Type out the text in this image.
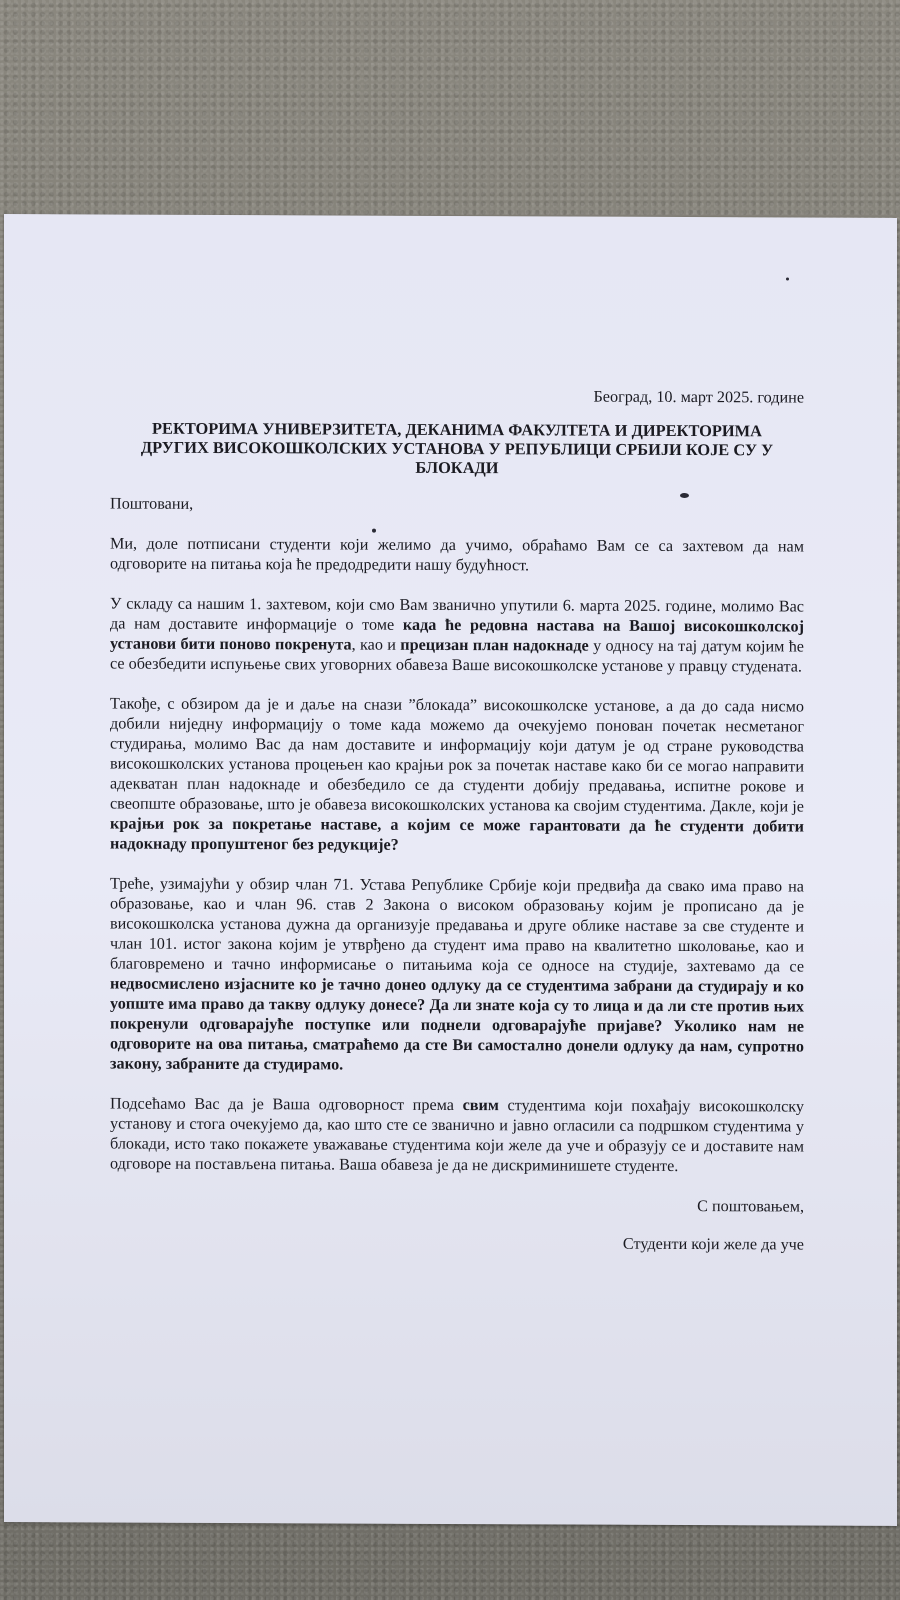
Београд, 10. март 2025. године
РЕКТОРИМА УНИВЕРЗИТЕТА, ДЕКАНИМА ФАКУЛТЕТА И ДИРЕКТОРИМА
ДРУГИХ ВИСОКОШКОЛСКИХ УСТАНОВА У РЕПУБЛИЦИ СРБИЈИ КОЈЕ СУ У
БЛОКАДИ
Поштовани,

Ми, доле потписани студенти који желимо да учимо, обраћамо Вам се са захтевом да нам одговорите на питања која ће предодредити нашу будућност.

У складу са нашим 1. захтевом, који смо Вам званично упутили 6. марта 2025. године, молимо Вас да нам доставите информације о томе када ће редовна настава на Вашој високошколској установи бити поново покренута, као и прецизан план надокнаде у односу на тај датум којим ће се обезбедити испуњење свих уговорних обавеза Ваше високошколске установе у правцу студената.

Такође, с обзиром да је и даље на снази ”блокада” високошколске установе, а да до сада нисмо добили ниједну информацију о томе када можемо да очекујемо понован почетак несметаног студирања, молимо Вас да нам доставите и информацију који датум је од стране руководства високошколских установа процењен као крајњи рок за почетак наставе како би се могао направити адекватан план надокнаде и обезбедило се да студенти добију предавања, испитне рокове и свеопште образовање, што је обавеза високошколских установа ка својим студентима. Дакле, који је крајњи рок за покретање наставе, а којим се може гарантовати да ће студенти добити надокнаду пропуштеног без редукције?

Треће, узимајући у обзир члан 71. Устава Републике Србије који предвиђа да свако има право на образовање, као и члан 96. став 2 Закона о високом образовању којим је прописано да је високошколска установа дужна да организује предавања и друге облике наставе за све студенте и члан 101. истог закона којим је утврђено да студент има право на квалитетно школовање, као и благовремено и тачно информисање о питањима која се односе на студије, захтевамо да се недвосмислено изјасните ко је тачно донео одлуку да се студентима забрани да студирају и ко уопште има право да такву одлуку донесе? Да ли знате која су то лица и да ли сте против њих покренули одговарајуће поступке или поднели одговарајуће пријаве? Уколико нам не одговорите на ова питања, сматраћемо да сте Ви самостално донели одлуку да нам, супротно закону, забраните да студирамо.

Подсећамо Вас да је Ваша одговорност према свим студентима који похађају високошколску установу и стога очекујемо да, као што сте се званично и јавно огласили са подршком студентима у блокади, исто тако покажете уважавање студентима који желе да уче и образују се и доставите нам одговоре на постављена питања. Ваша обавеза је да не дискриминишете студенте.

С поштовањем,
Студенти који желе да уче
